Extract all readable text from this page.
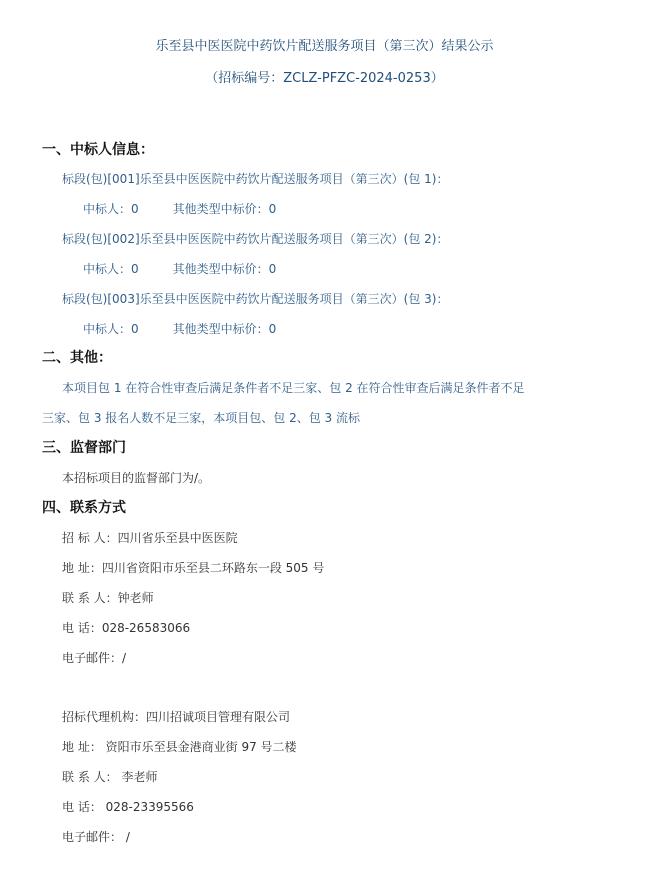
乐至县中医医院中药饮片配送服务项目（第三次）结果公示
（招标编号：ZCLZ-PFZC-2024-0253）
一、中标人信息：
标段(包)[001]乐至县中医医院中药饮片配送服务项目（第三次）(包 1)：
中标人：0	其他类型中标价：0
标段(包)[002]乐至县中医医院中药饮片配送服务项目（第三次）(包 2)：
中标人：0	其他类型中标价：0
标段(包)[003]乐至县中医医院中药饮片配送服务项目（第三次）(包 3)：
中标人：0	其他类型中标价：0
二、其他：
本项目包 1 在符合性审查后满足条件者不足三家、包 2 在符合性审查后满足条件者不足
三家、包 3 报名人数不足三家，本项目包、包 2、包 3 流标
三、监督部门
本招标项目的监督部门为/。
四、联系方式
招 标 人：四川省乐至县中医医院
地 址：四川省资阳市乐至县二环路东一段 505 号
联 系 人：钟老师
电 话：028-26583066
电子邮件：/
招标代理机构：四川招诚项目管理有限公司
地 址： 资阳市乐至县金港商业街 97 号二楼
联 系 人： 李老师
电 话： 028-23395566
电子邮件： /
